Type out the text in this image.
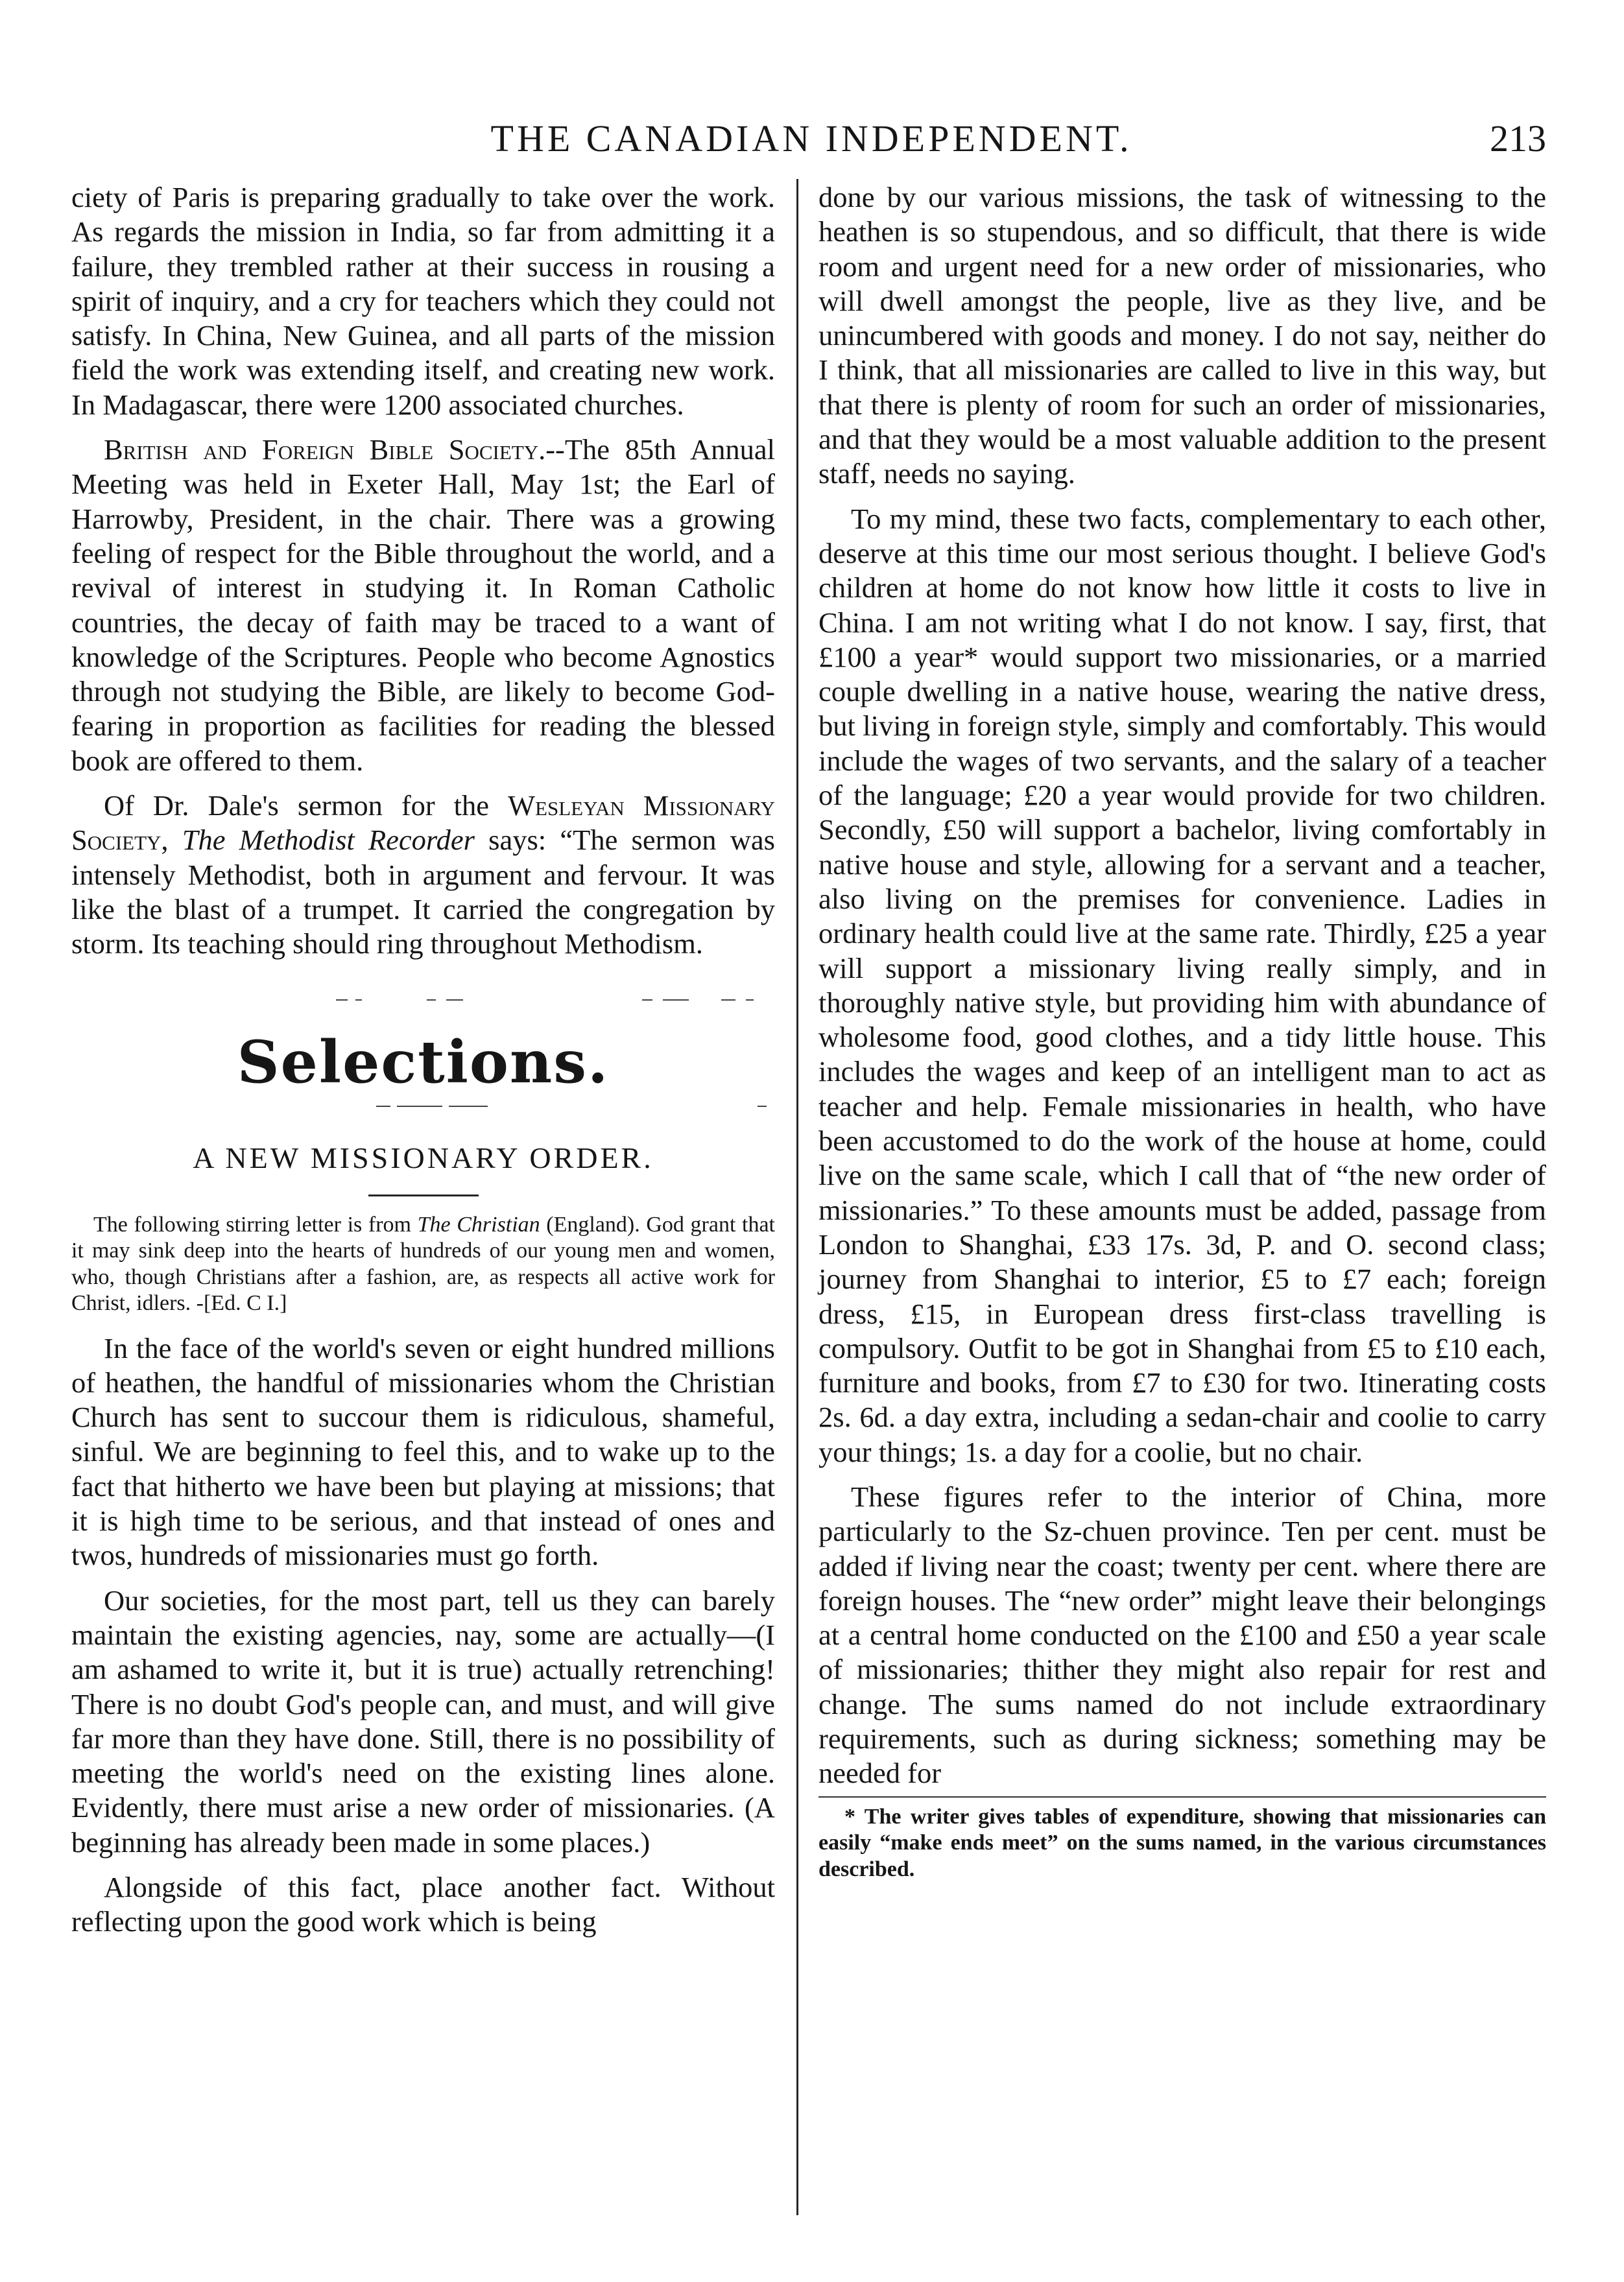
THE CANADIAN INDEPENDENT.	213

ciety of Paris is preparing gradually to take over the work. As regards the mission in India, so far from admitting it a failure, they trembled rather at their success in rousing a spirit of inquiry, and a cry for teachers which they could not satisfy. In China, New Guinea, and all parts of the mission field the work was extending itself, and creating new work. In Madagascar, there were 1200 associated churches.

British and Foreign Bible Society.--The 85th Annual Meeting was held in Exeter Hall, May 1st; the Earl of Harrowby, President, in the chair. There was a growing feeling of respect for the Bible throughout the world, and a revival of interest in studying it. In Roman Catholic countries, the decay of faith may be traced to a want of knowledge of the Scriptures. People who become Agnostics through not studying the Bible, are likely to become God-fearing in proportion as facilities for reading the blessed book are offered to them.

Of Dr. Dale's sermon for the Wesleyan Missionary Society, The Methodist Recorder says: “The sermon was intensely Methodist, both in argument and fervour. It was like the blast of a trumpet. It carried the congregation by storm. Its teaching should ring throughout Methodism.

Selections.
A NEW MISSIONARY ORDER.

The following stirring letter is from The Christian (England). God grant that it may sink deep into the hearts of hundreds of our young men and women, who, though Christians after a fashion, are, as respects all active work for Christ, idlers. -[Ed. C I.]

In the face of the world's seven or eight hundred millions of heathen, the handful of missionaries whom the Christian Church has sent to succour them is ridiculous, shameful, sinful. We are beginning to feel this, and to wake up to the fact that hitherto we have been but playing at missions; that it is high time to be serious, and that instead of ones and twos, hundreds of missionaries must go forth.

Our societies, for the most part, tell us they can barely maintain the existing agencies, nay, some are actually—(I am ashamed to write it, but it is true) actually retrenching! There is no doubt God's people can, and must, and will give far more than they have done. Still, there is no possibility of meeting the world's need on the existing lines alone. Evidently, there must arise a new order of missionaries. (A beginning has already been made in some places.)

Alongside of this fact, place another fact. Without reflecting upon the good work which is being

done by our various missions, the task of witnessing to the heathen is so stupendous, and so difficult, that there is wide room and urgent need for a new order of missionaries, who will dwell amongst the people, live as they live, and be unincumbered with goods and money. I do not say, neither do I think, that all missionaries are called to live in this way, but that there is plenty of room for such an order of missionaries, and that they would be a most valuable addition to the present staff, needs no saying.

To my mind, these two facts, complementary to each other, deserve at this time our most serious thought. I believe God's children at home do not know how little it costs to live in China. I am not writing what I do not know. I say, first, that £100 a year* would support two missionaries, or a married couple dwelling in a native house, wearing the native dress, but living in foreign style, simply and comfortably. This would include the wages of two servants, and the salary of a teacher of the language; £20 a year would provide for two children. Secondly, £50 will support a bachelor, living comfortably in native house and style, allowing for a servant and a teacher, also living on the premises for convenience. Ladies in ordinary health could live at the same rate. Thirdly, £25 a year will support a missionary living really simply, and in thoroughly native style, but providing him with abundance of wholesome food, good clothes, and a tidy little house. This includes the wages and keep of an intelligent man to act as teacher and help. Female missionaries in health, who have been accustomed to do the work of the house at home, could live on the same scale, which I call that of “the new order of missionaries.” To these amounts must be added, passage from London to Shanghai, £33 17s. 3d, P. and O. second class; journey from Shanghai to interior, £5 to £7 each; foreign dress, £15, in European dress first-class travelling is compulsory. Outfit to be got in Shanghai from £5 to £10 each, furniture and books, from £7 to £30 for two. Itinerating costs 2s. 6d. a day extra, including a sedan-chair and coolie to carry your things; 1s. a day for a coolie, but no chair.

These figures refer to the interior of China, more particularly to the Sz-chuen province. Ten per cent. must be added if living near the coast; twenty per cent. where there are foreign houses. The “new order” might leave their belongings at a central home conducted on the £100 and £50 a year scale of missionaries; thither they might also repair for rest and change. The sums named do not include extraordinary requirements, such as during sickness; something may be needed for

* The writer gives tables of expenditure, showing that missionaries can easily “make ends meet” on the sums named, in the various circumstances described.
